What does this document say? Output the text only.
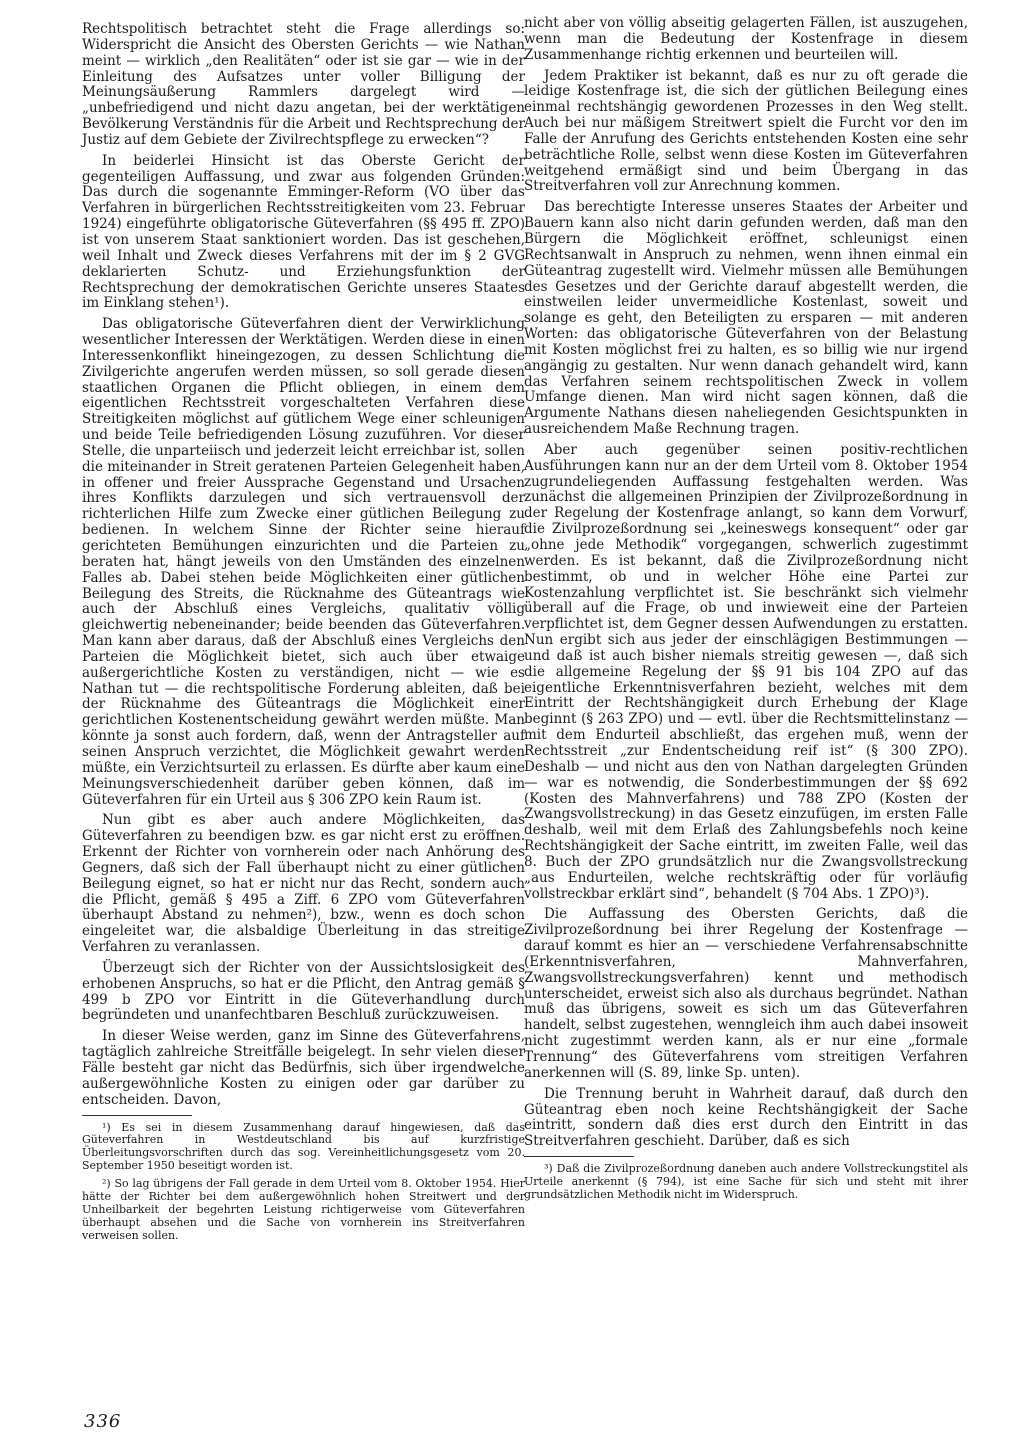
Rechtspolitisch betrachtet steht die Frage allerdings so: Widerspricht die Ansicht des Obersten Gerichts — wie Nathan meint — wirklich „den Realitäten“ oder ist sie gar — wie in der Einleitung des Aufsatzes unter voller Billigung der Meinungsäußerung Rammlers dargelegt wird — „unbefriedigend und nicht dazu angetan, bei der werktätigen Bevölkerung Verständnis für die Arbeit und Rechtsprechung der Justiz auf dem Gebiete der Zivilrechtspflege zu erwecken“?

In beiderlei Hinsicht ist das Oberste Gericht der gegenteiligen Auffassung, und zwar aus folgenden Gründen: Das durch die sogenannte Emminger-Reform (VO über das Verfahren in bürgerlichen Rechtsstreitigkeiten vom 23. Februar 1924) eingeführte obligatorische Güteverfahren (§§ 495 ff. ZPO) ist von unserem Staat sanktioniert worden. Das ist geschehen, weil Inhalt und Zweck dieses Verfahrens mit der im § 2 GVG deklarierten Schutz- und Erziehungsfunktion der Rechtsprechung der demokratischen Gerichte unseres Staates im Einklang stehen¹).

Das obligatorische Güteverfahren dient der Verwirklichung wesentlicher Interessen der Werktätigen. Werden diese in einen Interessenkonflikt hineingezogen, zu dessen Schlichtung die Zivilgerichte angerufen werden müssen, so soll gerade diesen staatlichen Organen die Pflicht obliegen, in einem dem eigentlichen Rechtsstreit vorgeschalteten Verfahren diese Streitigkeiten möglichst auf gütlichem Wege einer schleunigen und beide Teile befriedigenden Lösung zuzuführen. Vor dieser Stelle, die unparteiisch und jederzeit leicht erreichbar ist, sollen die miteinander in Streit geratenen Parteien Gelegenheit haben, in offener und freier Aussprache Gegenstand und Ursachen ihres Konflikts darzulegen und sich vertrauensvoll der richterlichen Hilfe zum Zwecke einer gütlichen Beilegung zu bedienen. In welchem Sinne der Richter seine hierauf gerichteten Bemühungen einzurichten und die Parteien zu beraten hat, hängt jeweils von den Umständen des einzelnen Falles ab. Dabei stehen beide Möglichkeiten einer gütlichen Beilegung des Streits, die Rücknahme des Güteantrags wie auch der Abschluß eines Vergleichs, qualitativ völlig gleichwertig nebeneinander; beide beenden das Güteverfahren. Man kann aber daraus, daß der Abschluß eines Vergleichs den Parteien die Möglichkeit bietet, sich auch über etwaige außergerichtliche Kosten zu verständigen, nicht — wie es Nathan tut — die rechtspolitische Forderung ableiten, daß bei der Rücknahme des Güteantrags die Möglichkeit einer gerichtlichen Kostenentscheidung gewährt werden müßte. Man könnte ja sonst auch fordern, daß, wenn der Antragsteller auf seinen Anspruch verzichtet, die Möglichkeit gewahrt werden müßte, ein Verzichtsurteil zu erlassen. Es dürfte aber kaum eine Meinungsverschiedenheit darüber geben können, daß im Güteverfahren für ein Urteil aus § 306 ZPO kein Raum ist.

Nun gibt es aber auch andere Möglichkeiten, das Güteverfahren zu beendigen bzw. es gar nicht erst zu eröffnen. Erkennt der Richter von vornherein oder nach Anhörung des Gegners, daß sich der Fall überhaupt nicht zu einer gütlichen Beilegung eignet, so hat er nicht nur das Recht, sondern auch die Pflicht, gemäß § 495 a Ziff. 6 ZPO vom Güteverfahren überhaupt Abstand zu nehmen²), bzw., wenn es doch schon eingeleitet war, die alsbaldige Überleitung in das streitige Verfahren zu veranlassen.

Überzeugt sich der Richter von der Aussichtslosigkeit des erhobenen Anspruchs, so hat er die Pflicht, den Antrag gemäß § 499 b ZPO vor Eintritt in die Güteverhandlung durch begründeten und unanfechtbaren Beschluß zurückzuweisen.

In dieser Weise werden, ganz im Sinne des Güteverfahrens, tagtäglich zahlreiche Streitfälle beigelegt. In sehr vielen dieser Fälle besteht gar nicht das Bedürfnis, sich über irgendwelche außergewöhnliche Kosten zu einigen oder gar darüber zu entscheiden. Davon,

¹) Es sei in diesem Zusammenhang darauf hingewiesen, daß das Güteverfahren in Westdeutschland bis auf kurzfristige Überleitungsvorschriften durch das sog. Vereinheitlichungsgesetz vom 20. September 1950 beseitigt worden ist.

²) So lag übrigens der Fall gerade in dem Urteil vom 8. Oktober 1954. Hier hätte der Richter bei dem außergewöhnlich hohen Streitwert und der Unheilbarkeit der begehrten Leistung richtigerweise vom Güteverfahren überhaupt absehen und die Sache von vornherein ins Streitverfahren verweisen sollen.

nicht aber von völlig abseitig gelagerten Fällen, ist auszugehen, wenn man die Bedeutung der Kostenfrage in diesem Zusammenhange richtig erkennen und beurteilen will.

Jedem Praktiker ist bekannt, daß es nur zu oft gerade die leidige Kostenfrage ist, die sich der gütlichen Beilegung eines einmal rechtshängig gewordenen Prozesses in den Weg stellt. Auch bei nur mäßigem Streitwert spielt die Furcht vor den im Falle der Anrufung des Gerichts entstehenden Kosten eine sehr beträchtliche Rolle, selbst wenn diese Kosten im Güteverfahren weitgehend ermäßigt sind und beim Übergang in das Streitverfahren voll zur Anrechnung kommen.

Das berechtigte Interesse unseres Staates der Arbeiter und Bauern kann also nicht darin gefunden werden, daß man den Bürgern die Möglichkeit eröffnet, schleunigst einen Rechtsanwalt in Anspruch zu nehmen, wenn ihnen einmal ein Güteantrag zugestellt wird. Vielmehr müssen alle Bemühungen des Gesetzes und der Gerichte darauf abgestellt werden, die einstweilen leider unvermeidliche Kostenlast, soweit und solange es geht, den Beteiligten zu ersparen — mit anderen Worten: das obligatorische Güteverfahren von der Belastung mit Kosten möglichst frei zu halten, es so billig wie nur irgend angängig zu gestalten. Nur wenn danach gehandelt wird, kann das Verfahren seinem rechtspolitischen Zweck in vollem Umfange dienen. Man wird nicht sagen können, daß die Argumente Nathans diesen naheliegenden Gesichtspunkten in ausreichendem Maße Rechnung tragen.

Aber auch gegenüber seinen positiv-rechtlichen Ausführungen kann nur an der dem Urteil vom 8. Oktober 1954 zugrundeliegenden Auffassung festgehalten werden. Was zunächst die allgemeinen Prinzipien der Zivilprozeßordnung in der Regelung der Kostenfrage anlangt, so kann dem Vorwurf, die Zivilprozeßordnung sei „keineswegs konsequent“ oder gar „ohne jede Methodik“ vorgegangen, schwerlich zugestimmt werden. Es ist bekannt, daß die Zivilprozeßordnung nicht bestimmt, ob und in welcher Höhe eine Partei zur Kostenzahlung verpflichtet ist. Sie beschränkt sich vielmehr überall auf die Frage, ob und inwieweit eine der Parteien verpflichtet ist, dem Gegner dessen Aufwendungen zu erstatten. Nun ergibt sich aus jeder der einschlägigen Bestimmungen — und daß ist auch bisher niemals streitig gewesen —, daß sich die allgemeine Regelung der §§ 91 bis 104 ZPO auf das eigentliche Erkenntnisverfahren bezieht, welches mit dem Eintritt der Rechtshängigkeit durch Erhebung der Klage beginnt (§ 263 ZPO) und — evtl. über die Rechtsmittelinstanz — mit dem Endurteil abschließt, das ergehen muß, wenn der Rechtsstreit „zur Endentscheidung reif ist“ (§ 300 ZPO). Deshalb — und nicht aus den von Nathan dargelegten Gründen — war es notwendig, die Sonderbestimmungen der §§ 692 (Kosten des Mahnverfahrens) und 788 ZPO (Kosten der Zwangsvollstreckung) in das Gesetz einzufügen, im ersten Falle deshalb, weil mit dem Erlaß des Zahlungsbefehls noch keine Rechtshängigkeit der Sache eintritt, im zweiten Falle, weil das 8. Buch der ZPO grundsätzlich nur die Zwangsvollstreckung „aus Endurteilen, welche rechtskräftig oder für vorläufig vollstreckbar erklärt sind“, behandelt (§ 704 Abs. 1 ZPO)³).

Die Auffassung des Obersten Gerichts, daß die Zivilprozeßordnung bei ihrer Regelung der Kostenfrage — darauf kommt es hier an — verschiedene Verfahrensabschnitte (Erkenntnisverfahren, Mahnverfahren, Zwangsvollstreckungsverfahren) kennt und methodisch unterscheidet, erweist sich also als durchaus begründet. Nathan muß das übrigens, soweit es sich um das Güteverfahren handelt, selbst zugestehen, wenngleich ihm auch dabei insoweit nicht zugestimmt werden kann, als er nur eine „formale Trennung“ des Güteverfahrens vom streitigen Verfahren anerkennen will (S. 89, linke Sp. unten).

Die Trennung beruht in Wahrheit darauf, daß durch den Güteantrag eben noch keine Rechtshängigkeit der Sache eintritt, sondern daß dies erst durch den Eintritt in das Streitverfahren geschieht. Darüber, daß es sich

³) Daß die Zivilprozeßordnung daneben auch andere Vollstreckungstitel als Urteile anerkennt (§ 794), ist eine Sache für sich und steht mit ihrer grundsätzlichen Methodik nicht im Widerspruch.

336
